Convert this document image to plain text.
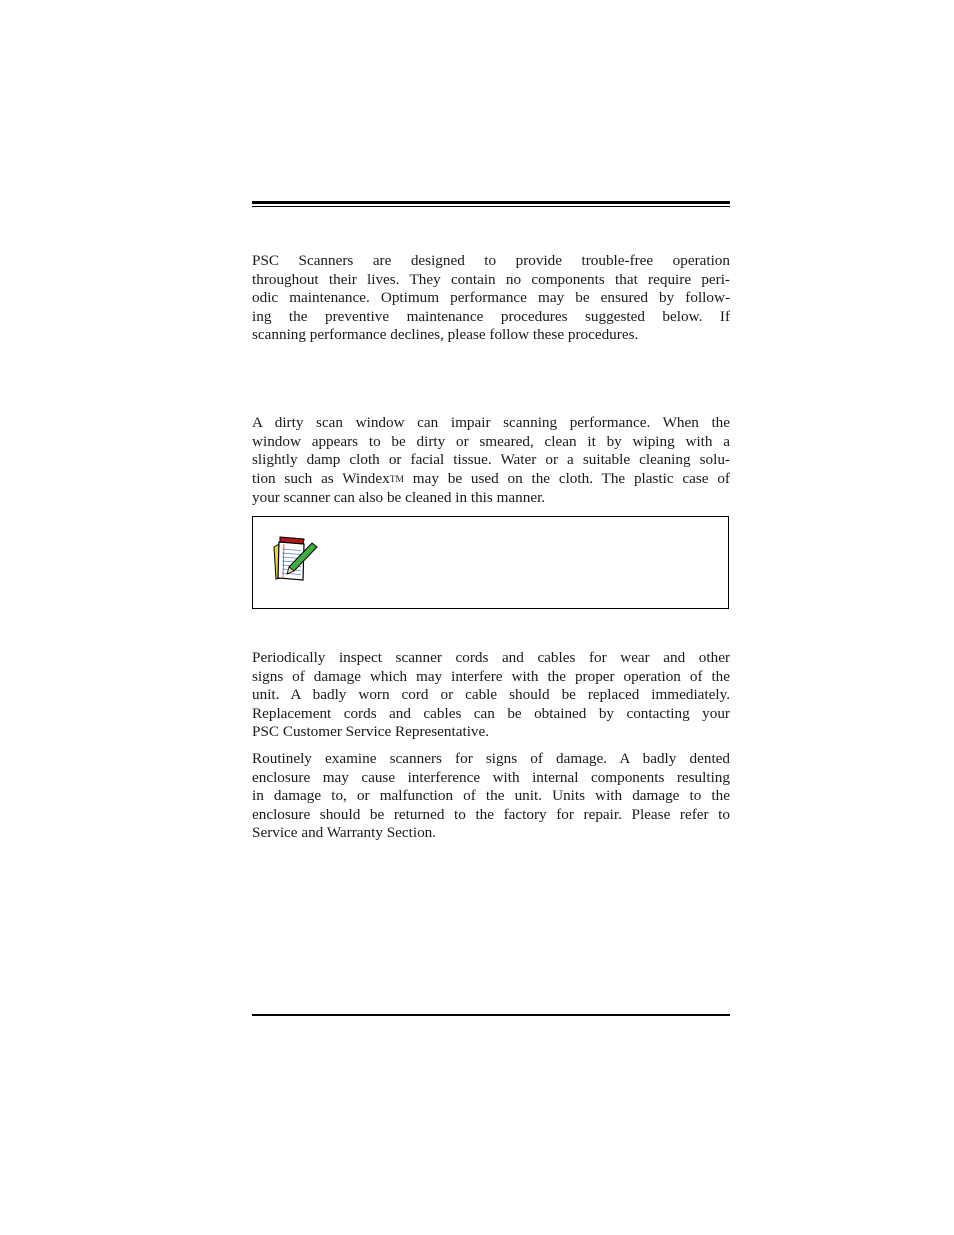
PSC Scanners are designed to provide trouble-free operation
throughout their lives. They contain no components that require peri-
odic maintenance. Optimum performance may be ensured by follow-
ing the preventive maintenance procedures suggested below. If
scanning performance declines, please follow these procedures.
A dirty scan window can impair scanning performance. When the
window appears to be dirty or smeared, clean it by wiping with a
slightly damp cloth or facial tissue. Water or a suitable cleaning solu-
tion such as WindexTM may be used on the cloth. The plastic case of
your scanner can also be cleaned in this manner.
Periodically inspect scanner cords and cables for wear and other
signs of damage which may interfere with the proper operation of the
unit. A badly worn cord or cable should be replaced immediately.
Replacement cords and cables can be obtained by contacting your
PSC Customer Service Representative.
Routinely examine scanners for signs of damage. A badly dented
enclosure may cause interference with internal components resulting
in damage to, or malfunction of the unit. Units with damage to the
enclosure should be returned to the factory for repair. Please refer to
Service and Warranty Section.
